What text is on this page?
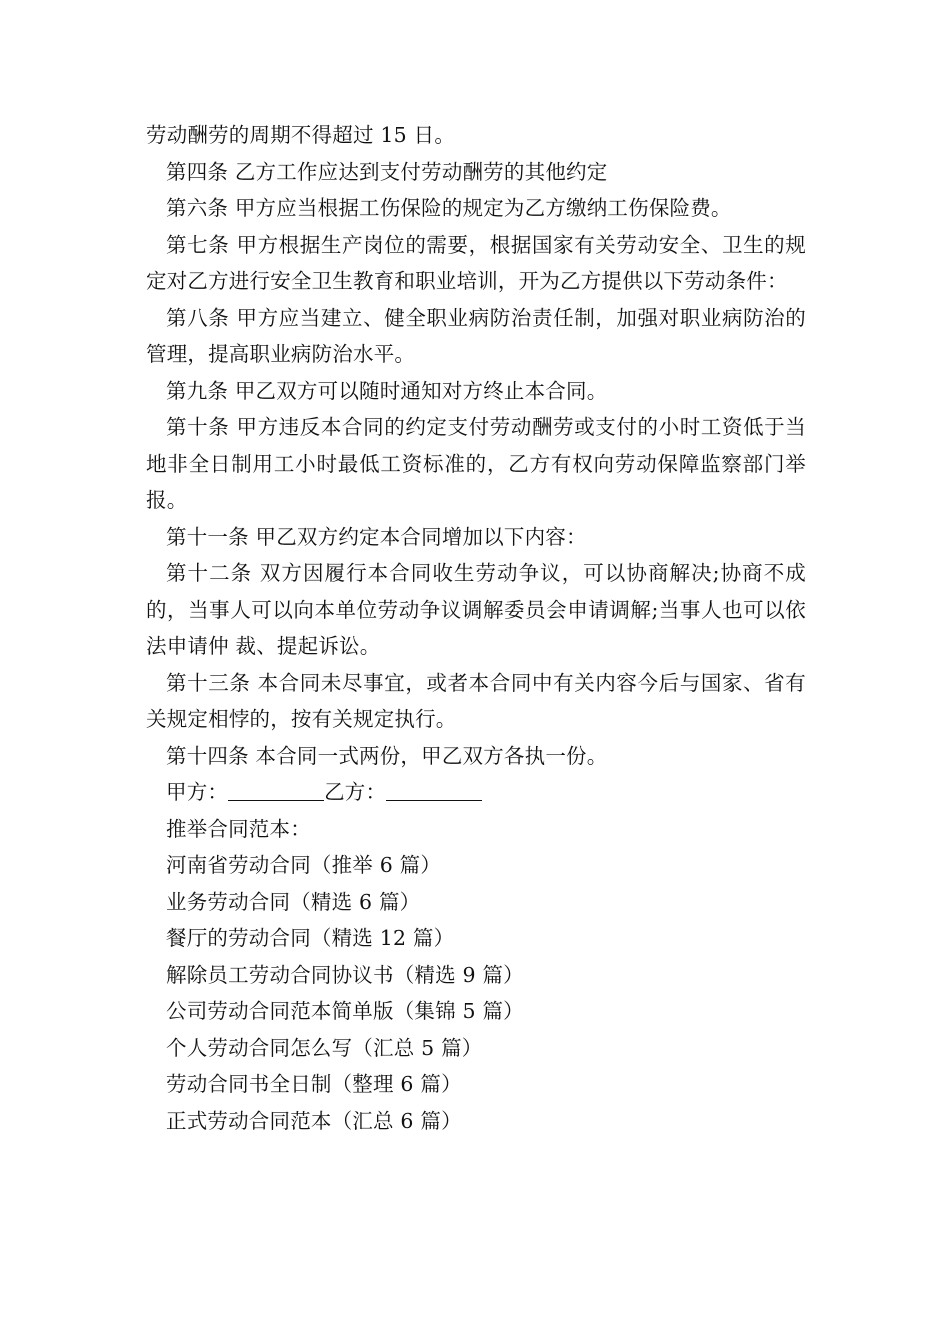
劳动酬劳的周期不得超过 15 日。

第四条 乙方工作应达到支付劳动酬劳的其他约定

第六条 甲方应当根据工伤保险的规定为乙方缴纳工伤保险费。

第七条 甲方根据生产岗位的需要，根据国家有关劳动安全、卫生的规定对乙方进行安全卫生教育和职业培训，开为乙方提供以下劳动条件：

第八条 甲方应当建立、健全职业病防治责任制，加强对职业病防治的管理，提高职业病防治水平。

第九条 甲乙双方可以随时通知对方终止本合同。

第十条 甲方违反本合同的约定支付劳动酬劳或支付的小时工资低于当地非全日制用工小时最低工资标准的，乙方有权向劳动保障监察部门举报。

第十一条 甲乙双方约定本合同增加以下内容：

第十二条 双方因履行本合同收生劳动争议，可以协商解决;协商不成的，当事人可以向本单位劳动争议调解委员会申请调解;当事人也可以依法申请仲 裁、提起诉讼。

第十三条 本合同未尽事宜，或者本合同中有关内容今后与国家、省有关规定相悖的，按有关规定执行。

第十四条 本合同一式两份，甲乙双方各执一份。

甲方：	乙方：

推举合同范本：

河南省劳动合同（推举 6 篇）

业务劳动合同（精选 6 篇）

餐厅的劳动合同（精选 12 篇）

解除员工劳动合同协议书（精选 9 篇）

公司劳动合同范本简单版（集锦 5 篇）

个人劳动合同怎么写（汇总 5 篇）

劳动合同书全日制（整理 6 篇）

正式劳动合同范本（汇总 6 篇）
